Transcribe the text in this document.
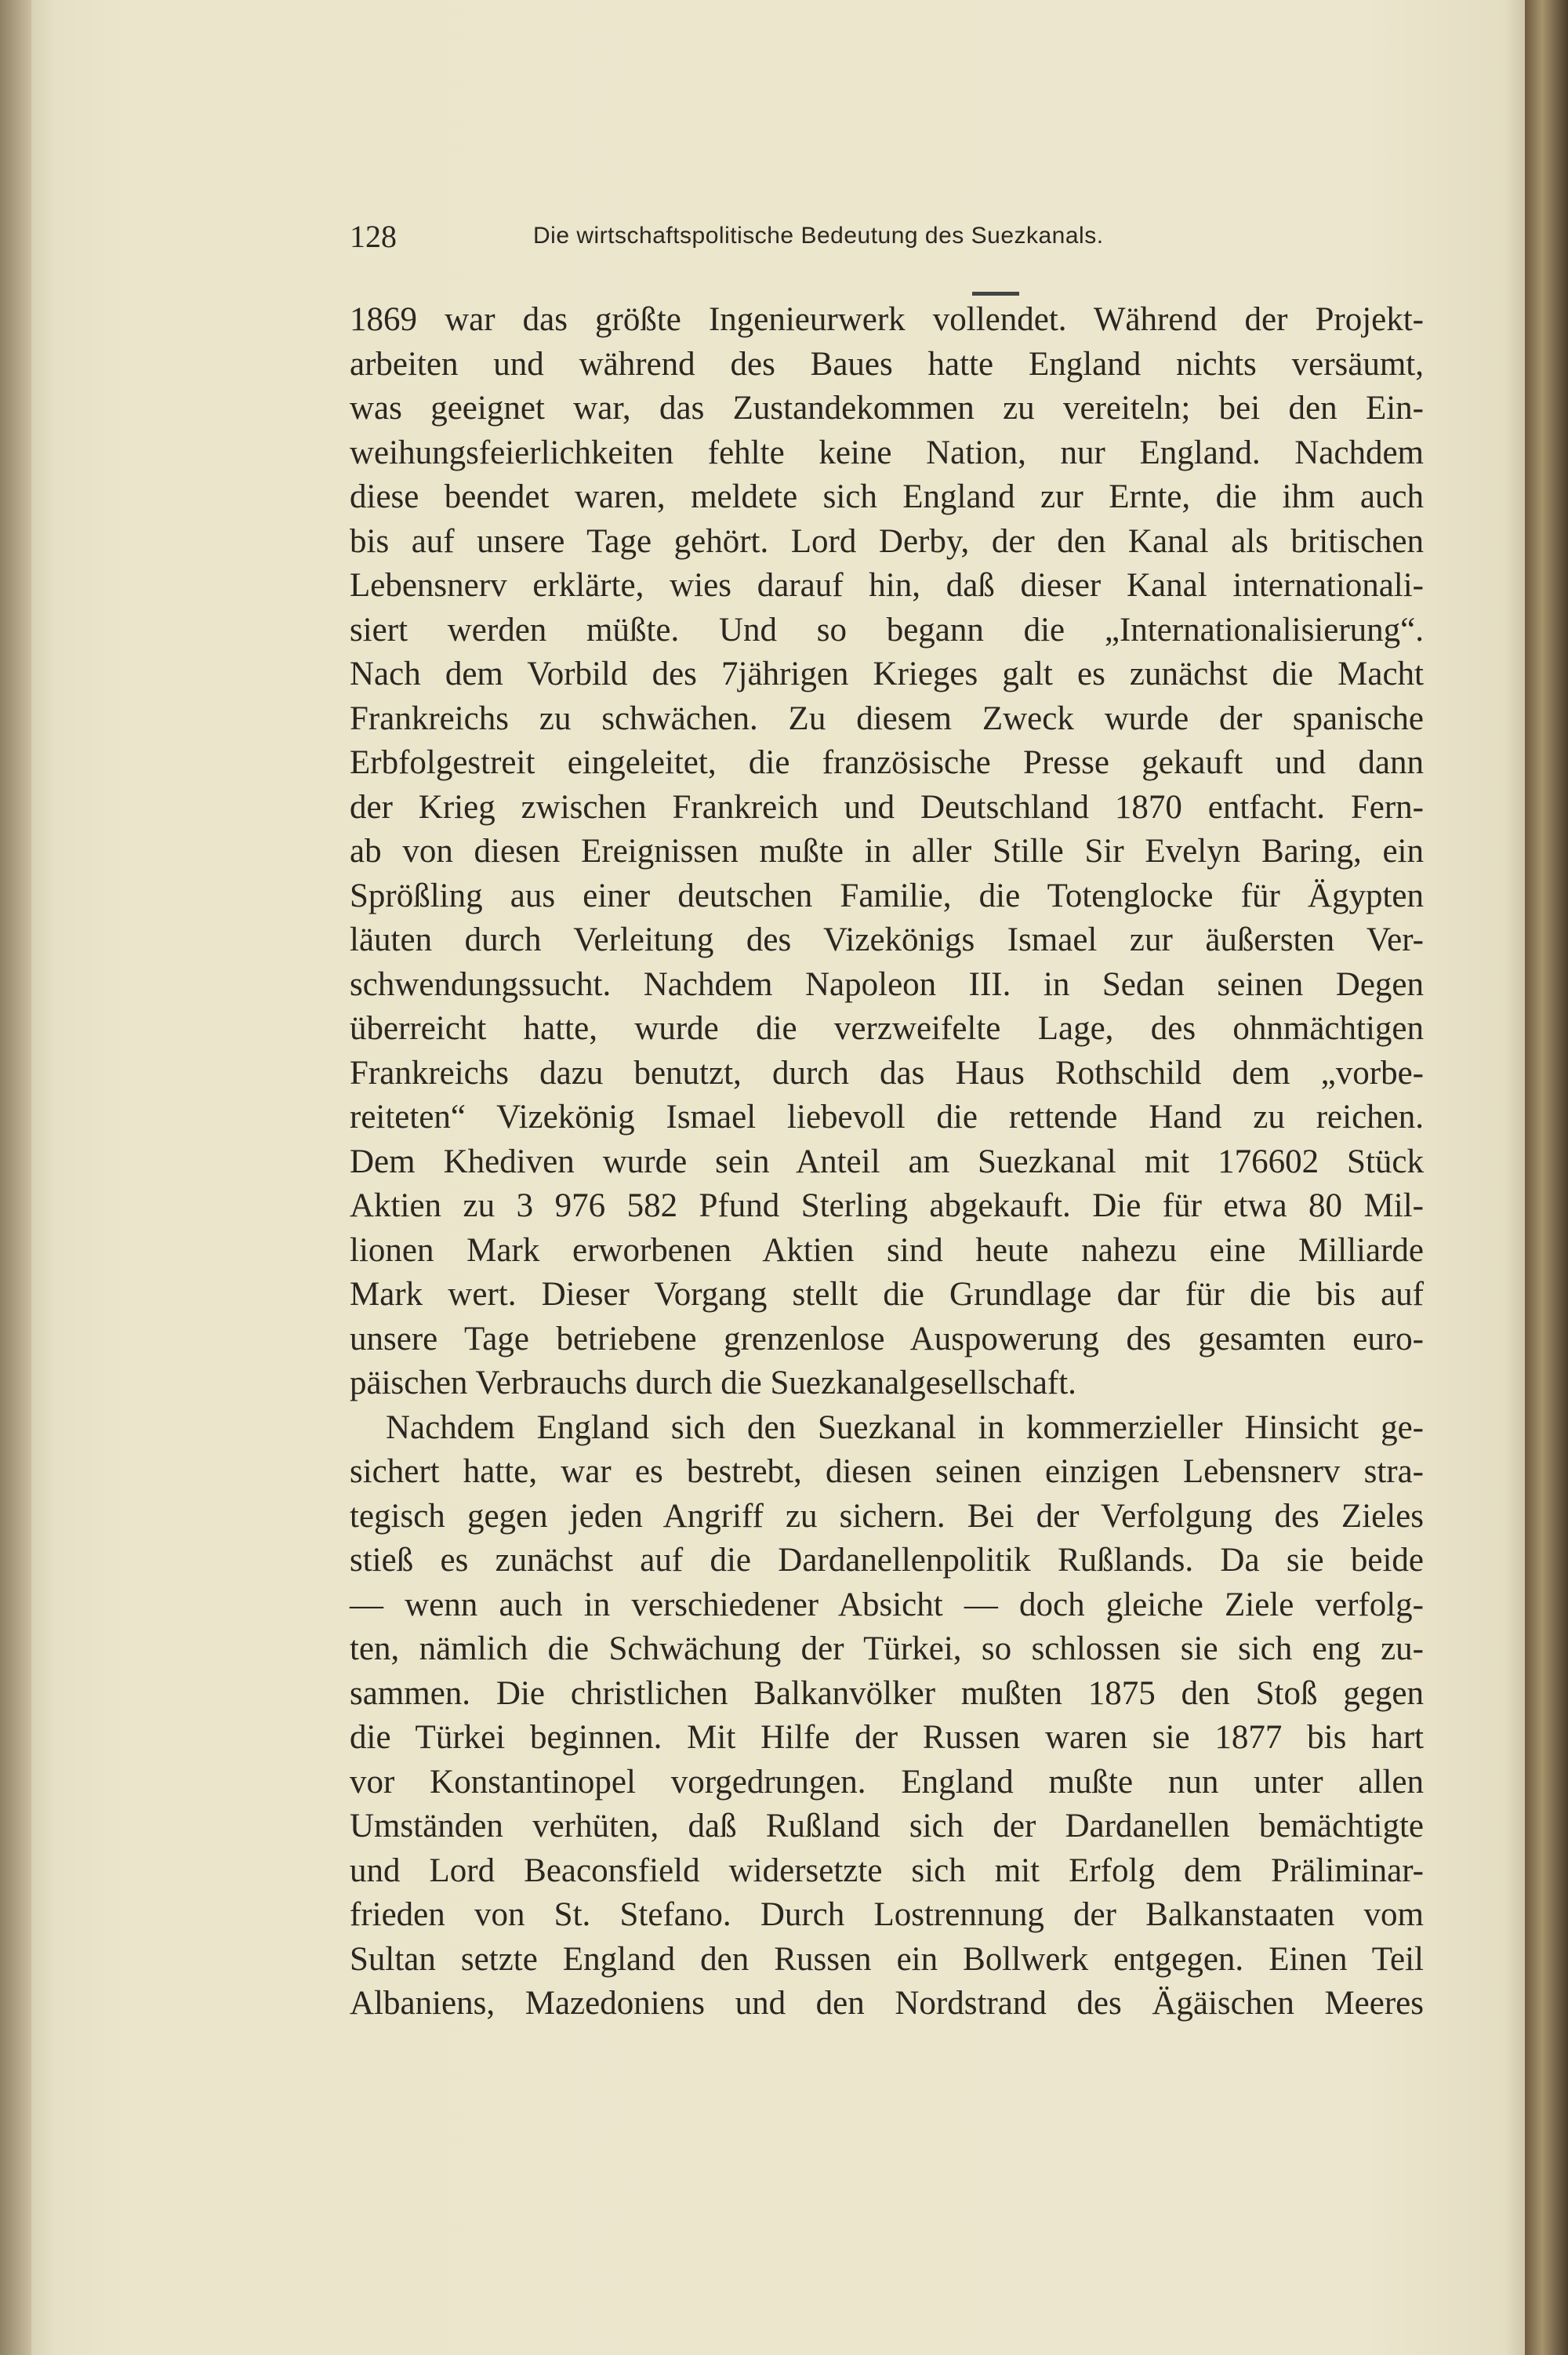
128	Die wirtschaftspolitische Bedeutung des Suezkanals.
1869 war das größte Ingenieurwerk vollendet. Während der Projekt-
arbeiten und während des Baues hatte England nichts versäumt,
was geeignet war, das Zustandekommen zu vereiteln; bei den Ein-
weihungsfeierlichkeiten fehlte keine Nation, nur England. Nachdem
diese beendet waren, meldete sich England zur Ernte, die ihm auch
bis auf unsere Tage gehört. Lord Derby, der den Kanal als britischen
Lebensnerv erklärte, wies darauf hin, daß dieser Kanal internationali-
siert werden müßte. Und so begann die „Internationalisierung“.
Nach dem Vorbild des 7jährigen Krieges galt es zunächst die Macht
Frankreichs zu schwächen. Zu diesem Zweck wurde der spanische
Erbfolgestreit eingeleitet, die französische Presse gekauft und dann
der Krieg zwischen Frankreich und Deutschland 1870 entfacht. Fern-
ab von diesen Ereignissen mußte in aller Stille Sir Evelyn Baring, ein
Sprößling aus einer deutschen Familie, die Totenglocke für Ägypten
läuten durch Verleitung des Vizekönigs Ismael zur äußersten Ver-
schwendungssucht. Nachdem Napoleon III. in Sedan seinen Degen
überreicht hatte, wurde die verzweifelte Lage, des ohnmächtigen
Frankreichs dazu benutzt, durch das Haus Rothschild dem „vorbe-
reiteten“ Vizekönig Ismael liebevoll die rettende Hand zu reichen.
Dem Khediven wurde sein Anteil am Suezkanal mit 176602 Stück
Aktien zu 3 976 582 Pfund Sterling abgekauft. Die für etwa 80 Mil-
lionen Mark erworbenen Aktien sind heute nahezu eine Milliarde
Mark wert. Dieser Vorgang stellt die Grundlage dar für die bis auf
unsere Tage betriebene grenzenlose Auspowerung des gesamten euro-
päischen Verbrauchs durch die Suezkanalgesellschaft.
Nachdem England sich den Suezkanal in kommerzieller Hinsicht ge-
sichert hatte, war es bestrebt, diesen seinen einzigen Lebensnerv stra-
tegisch gegen jeden Angriff zu sichern. Bei der Verfolgung des Zieles
stieß es zunächst auf die Dardanellenpolitik Rußlands. Da sie beide
— wenn auch in verschiedener Absicht — doch gleiche Ziele verfolg-
ten, nämlich die Schwächung der Türkei, so schlossen sie sich eng zu-
sammen. Die christlichen Balkanvölker mußten 1875 den Stoß gegen
die Türkei beginnen. Mit Hilfe der Russen waren sie 1877 bis hart
vor Konstantinopel vorgedrungen. England mußte nun unter allen
Umständen verhüten, daß Rußland sich der Dardanellen bemächtigte
und Lord Beaconsfield widersetzte sich mit Erfolg dem Präliminar-
frieden von St. Stefano. Durch Lostrennung der Balkanstaaten vom
Sultan setzte England den Russen ein Bollwerk entgegen. Einen Teil
Albaniens, Mazedoniens und den Nordstrand des Ägäischen Meeres
